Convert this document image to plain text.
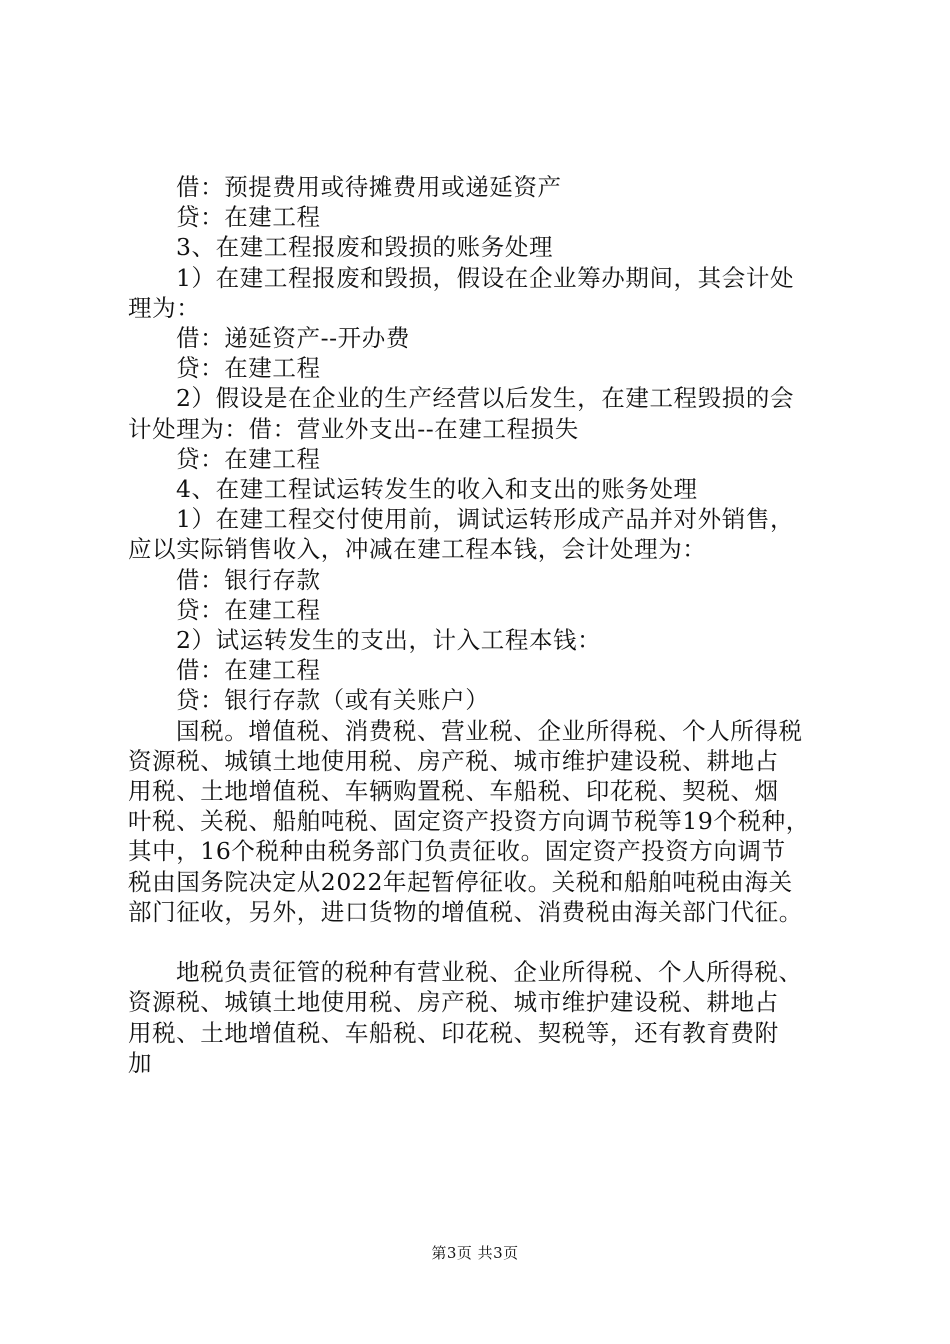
借：预提费用或待摊费用或递延资产
贷：在建工程
3、在建工程报废和毁损的账务处理
1）在建工程报废和毁损，假设在企业筹办期间，其会计处
理为：
借：递延资产--开办费
贷：在建工程
2）假设是在企业的生产经营以后发生，在建工程毁损的会
计处理为：借：营业外支出--在建工程损失
贷：在建工程
4、在建工程试运转发生的收入和支出的账务处理
1）在建工程交付使用前，调试运转形成产品并对外销售，
应以实际销售收入，冲减在建工程本钱，会计处理为：
借：银行存款
贷：在建工程
2）试运转发生的支出，计入工程本钱：
借：在建工程
贷：银行存款（或有关账户）
国税。增值税、消费税、营业税、企业所得税、个人所得税
资源税、城镇土地使用税、房产税、城市维护建设税、耕地占
用税、土地增值税、车辆购置税、车船税、印花税、契税、烟
叶税、关税、船舶吨税、固定资产投资方向调节税等19个税种，
其中，16个税种由税务部门负责征收。固定资产投资方向调节
税由国务院决定从2022年起暂停征收。关税和船舶吨税由海关
部门征收，另外，进口货物的增值税、消费税由海关部门代征。
地税负责征管的税种有营业税、企业所得税、个人所得税、
资源税、城镇土地使用税、房产税、城市维护建设税、耕地占
用税、土地增值税、车船税、印花税、契税等，还有教育费附
加
第3页 共3页
